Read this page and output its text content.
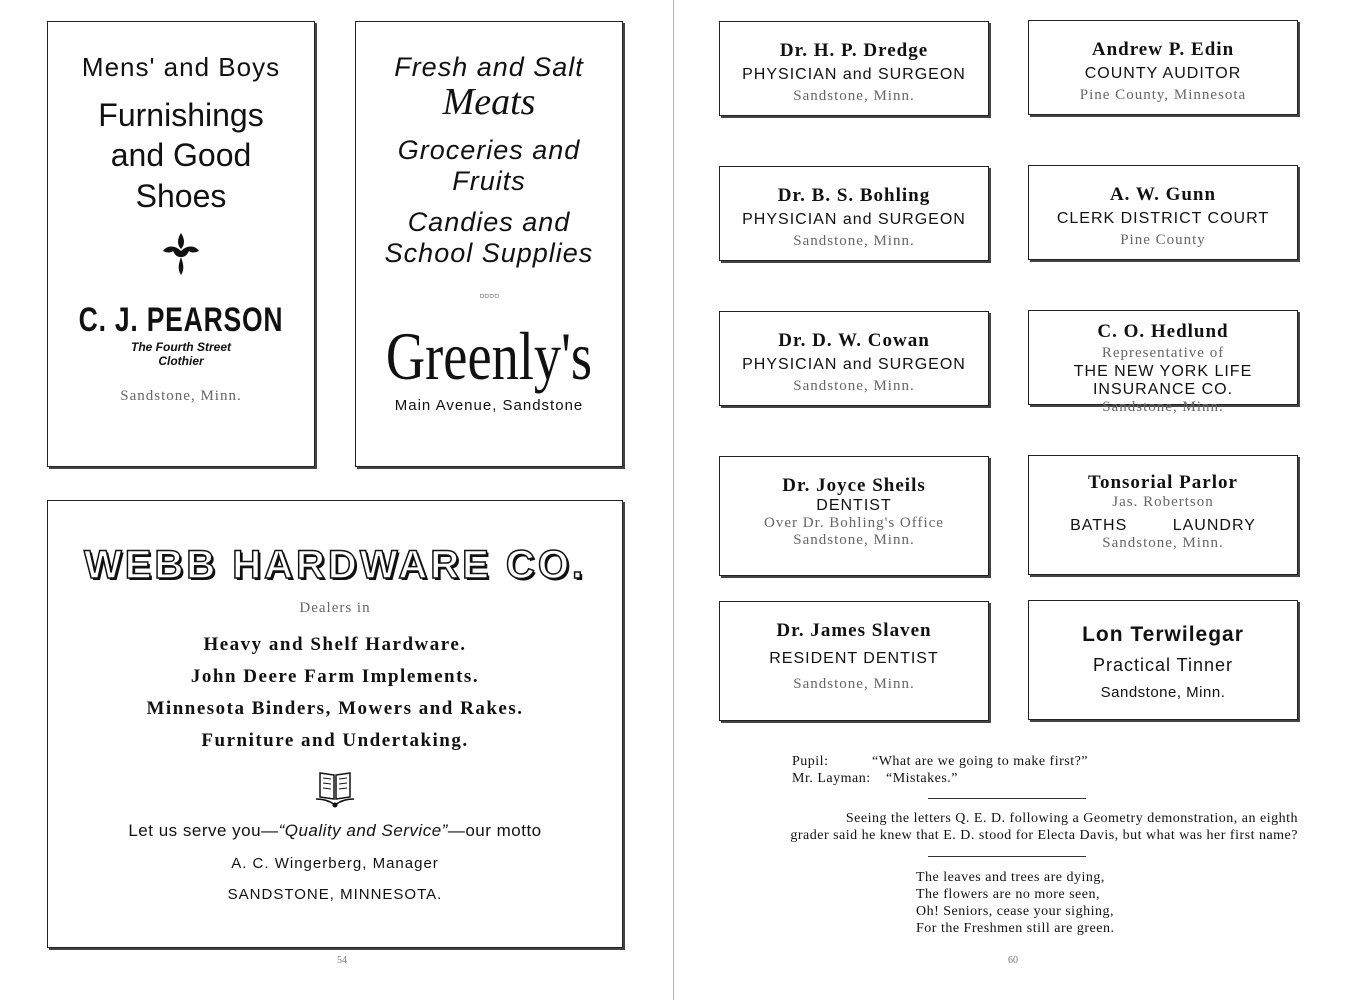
Mens' and Boys
Furnishings
and Good
Shoes
C. J. PEARSON
The Fourth Street
Clothier
Sandstone, Minn.
Fresh and Salt
Meats
Groceries and
Fruits
Candies and
School Supplies
▫▫▫▫
Greenly's
Main Avenue, Sandstone
WEBB HARDWARE CO.
Dealers in
Heavy and Shelf Hardware.
John Deere Farm Implements.
Minnesota Binders, Mowers and Rakes.
Furniture and Undertaking.
Let us serve you—“Quality and Service”—our motto
A. C. Wingerberg, Manager
SANDSTONE, MINNESOTA.
54
Dr. H. P. Dredge
PHYSICIAN and SURGEON
Sandstone, Minn.
Andrew P. Edin
COUNTY AUDITOR
Pine County, Minnesota
Dr. B. S. Bohling
PHYSICIAN and SURGEON
Sandstone, Minn.
A. W. Gunn
CLERK DISTRICT COURT
Pine County
Dr. D. W. Cowan
PHYSICIAN and SURGEON
Sandstone, Minn.
C. O. Hedlund
Representative of
THE NEW YORK LIFE
INSURANCE CO.
Sandstone, Minn.
Dr. Joyce Sheils
DENTIST
Over Dr. Bohling's Office
Sandstone, Minn.
Tonsorial Parlor
Jas. Robertson
BATHS	LAUNDRY
Sandstone, Minn.
Dr. James Slaven
RESIDENT DENTIST
Sandstone, Minn.
Lon Terwilegar
Practical Tinner
Sandstone, Minn.
Pupil:	“What are we going to make first?”
Mr. Layman: “Mistakes.”
Seeing the letters Q. E. D. following a Geometry demonstration, an eighth
grader said he knew that E. D. stood for Electa Davis, but what was her first name?
The leaves and trees are dying,
The flowers are no more seen,
Oh! Seniors, cease your sighing,
For the Freshmen still are green.
60
